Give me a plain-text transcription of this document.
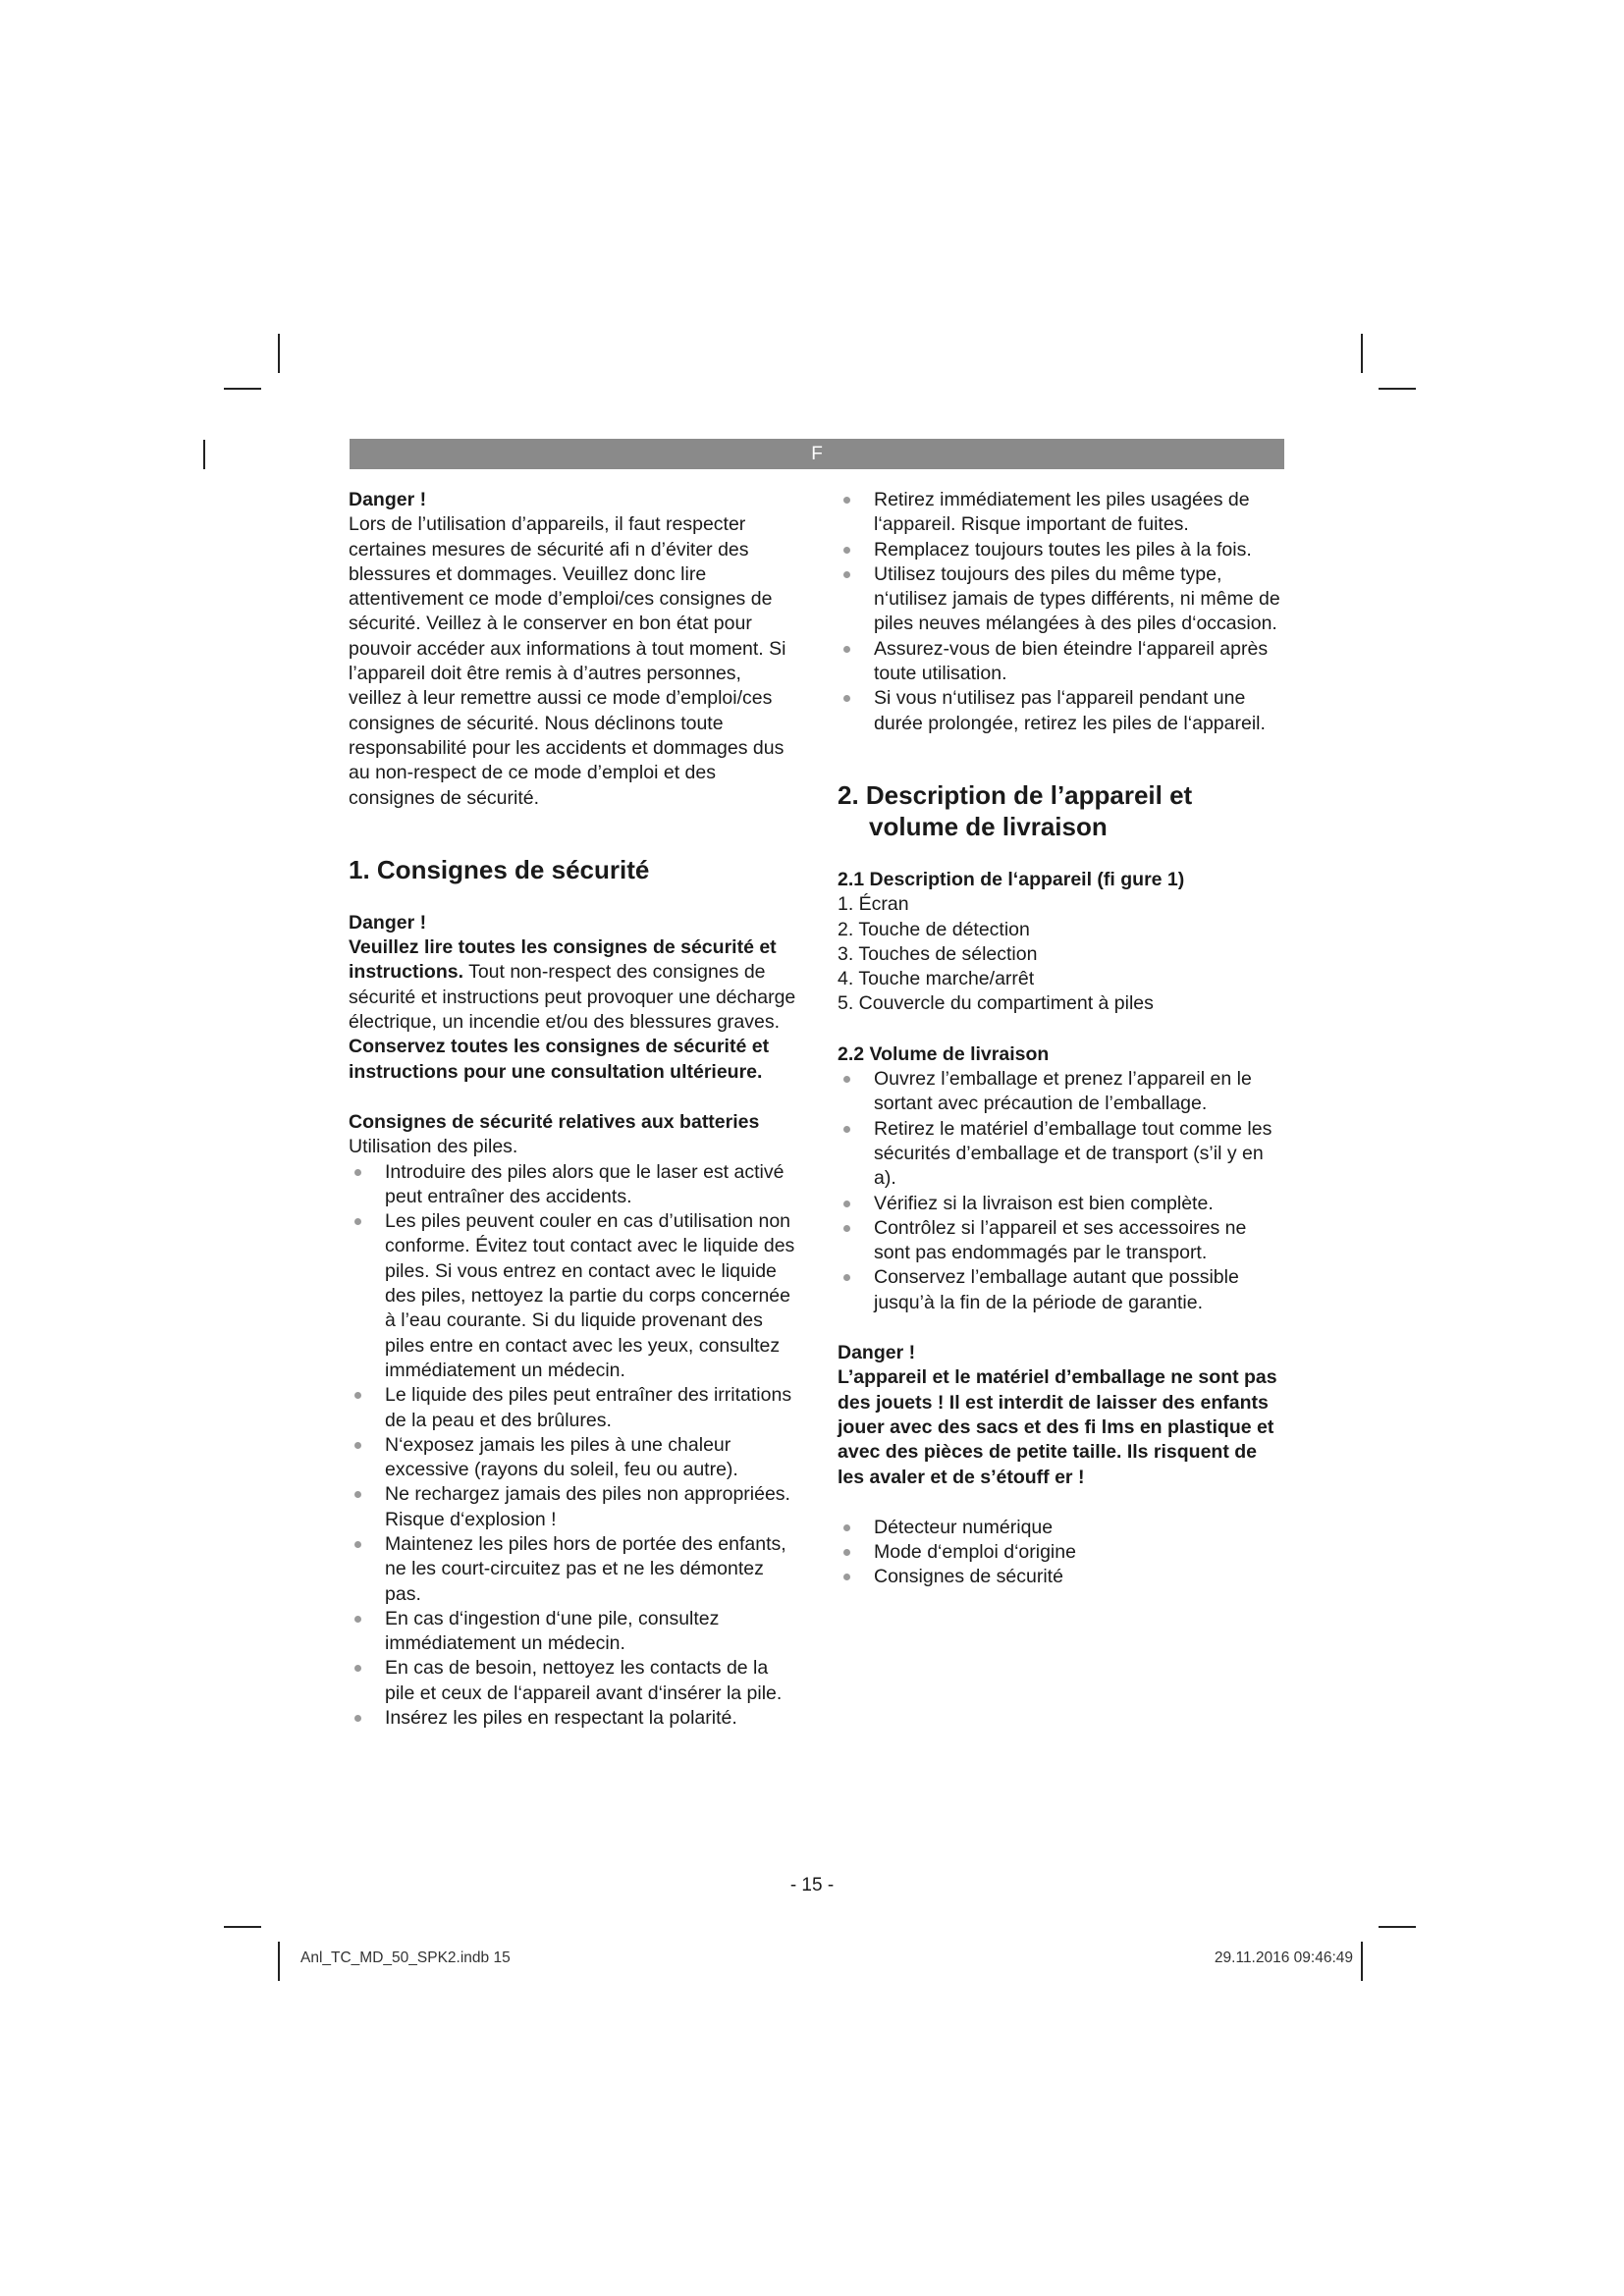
F

Danger !

Lors de l’utilisation d’appareils, il faut respecter certaines mesures de sécurité afi n d’éviter des blessures et dommages. Veuillez donc lire attentivement ce mode d’emploi/ces consignes de sécurité. Veillez à le conserver en bon état pour pouvoir accéder aux informations à tout moment. Si l’appareil doit être remis à d’autres personnes, veillez à leur remettre aussi ce mode d’emploi/ces consignes de sécurité. Nous déclinons toute responsabilité pour les accidents et dommages dus au non-respect de ce mode d’emploi et des consignes de sécurité.

1. Consignes de sécurité

Danger !

Veuillez lire toutes les consignes de sécurité et instructions. Tout non-respect des consignes de sécurité et instructions peut provoquer une décharge électrique, un incendie et/ou des blessures graves.

Conservez toutes les consignes de sécurité et instructions pour une consultation ultérieure.

Consignes de sécurité relatives aux batteries

Utilisation des piles.

Introduire des piles alors que le laser est activé peut entraîner des accidents.
Les piles peuvent couler en cas d’utilisation non conforme. Évitez tout contact avec le liquide des piles. Si vous entrez en contact avec le liquide des piles, nettoyez la partie du corps concernée à l’eau courante. Si du liquide provenant des piles entre en contact avec les yeux, consultez immédiatement un médecin.
Le liquide des piles peut entraîner des irritations de la peau et des brûlures.
N‘exposez jamais les piles à une chaleur excessive (rayons du soleil, feu ou autre).
Ne rechargez jamais des piles non appropriées. Risque d‘explosion !
Maintenez les piles hors de portée des enfants, ne les court-circuitez pas et ne les démontez pas.
En cas d‘ingestion d‘une pile, consultez immédiatement un médecin.
En cas de besoin, nettoyez les contacts de la pile et ceux de l‘appareil avant d‘insérer la pile.
Insérez les piles en respectant la polarité.
Retirez immédiatement les piles usagées de l‘appareil. Risque important de fuites.
Remplacez toujours toutes les piles à la fois.
Utilisez toujours des piles du même type, n‘utilisez jamais de types différents, ni même de piles neuves mélangées à des piles d‘occasion.
Assurez-vous de bien éteindre l‘appareil après toute utilisation.
Si vous n‘utilisez pas l‘appareil pendant une durée prolongée, retirez les piles de l‘appareil.

2. Description de l’appareil et
volume de livraison

2.1 Description de l‘appareil (fi gure 1)

1. Écran
2. Touche de détection
3. Touches de sélection
4. Touche marche/arrêt
5. Couvercle du compartiment à piles

2.2 Volume de livraison

Ouvrez l’emballage et prenez l’appareil en le sortant avec précaution de l’emballage.
Retirez le matériel d’emballage tout comme les sécurités d’emballage et de transport (s’il y en a).
Vérifiez si la livraison est bien complète.
Contrôlez si l’appareil et ses accessoires ne sont pas endommagés par le transport.
Conservez l’emballage autant que possible jusqu’à la fin de la période de garantie.

Danger !

L’appareil et le matériel d’emballage ne sont pas des jouets ! Il est interdit de laisser des enfants jouer avec des sacs et des fi lms en plastique et avec des pièces de petite taille. Ils risquent de les avaler et de s’étouff er !

Détecteur numérique
Mode d‘emploi d‘origine
Consignes de sécurité
- 15 -
Anl_TC_MD_50_SPK2.indb 15	29.11.2016 09:46:49
